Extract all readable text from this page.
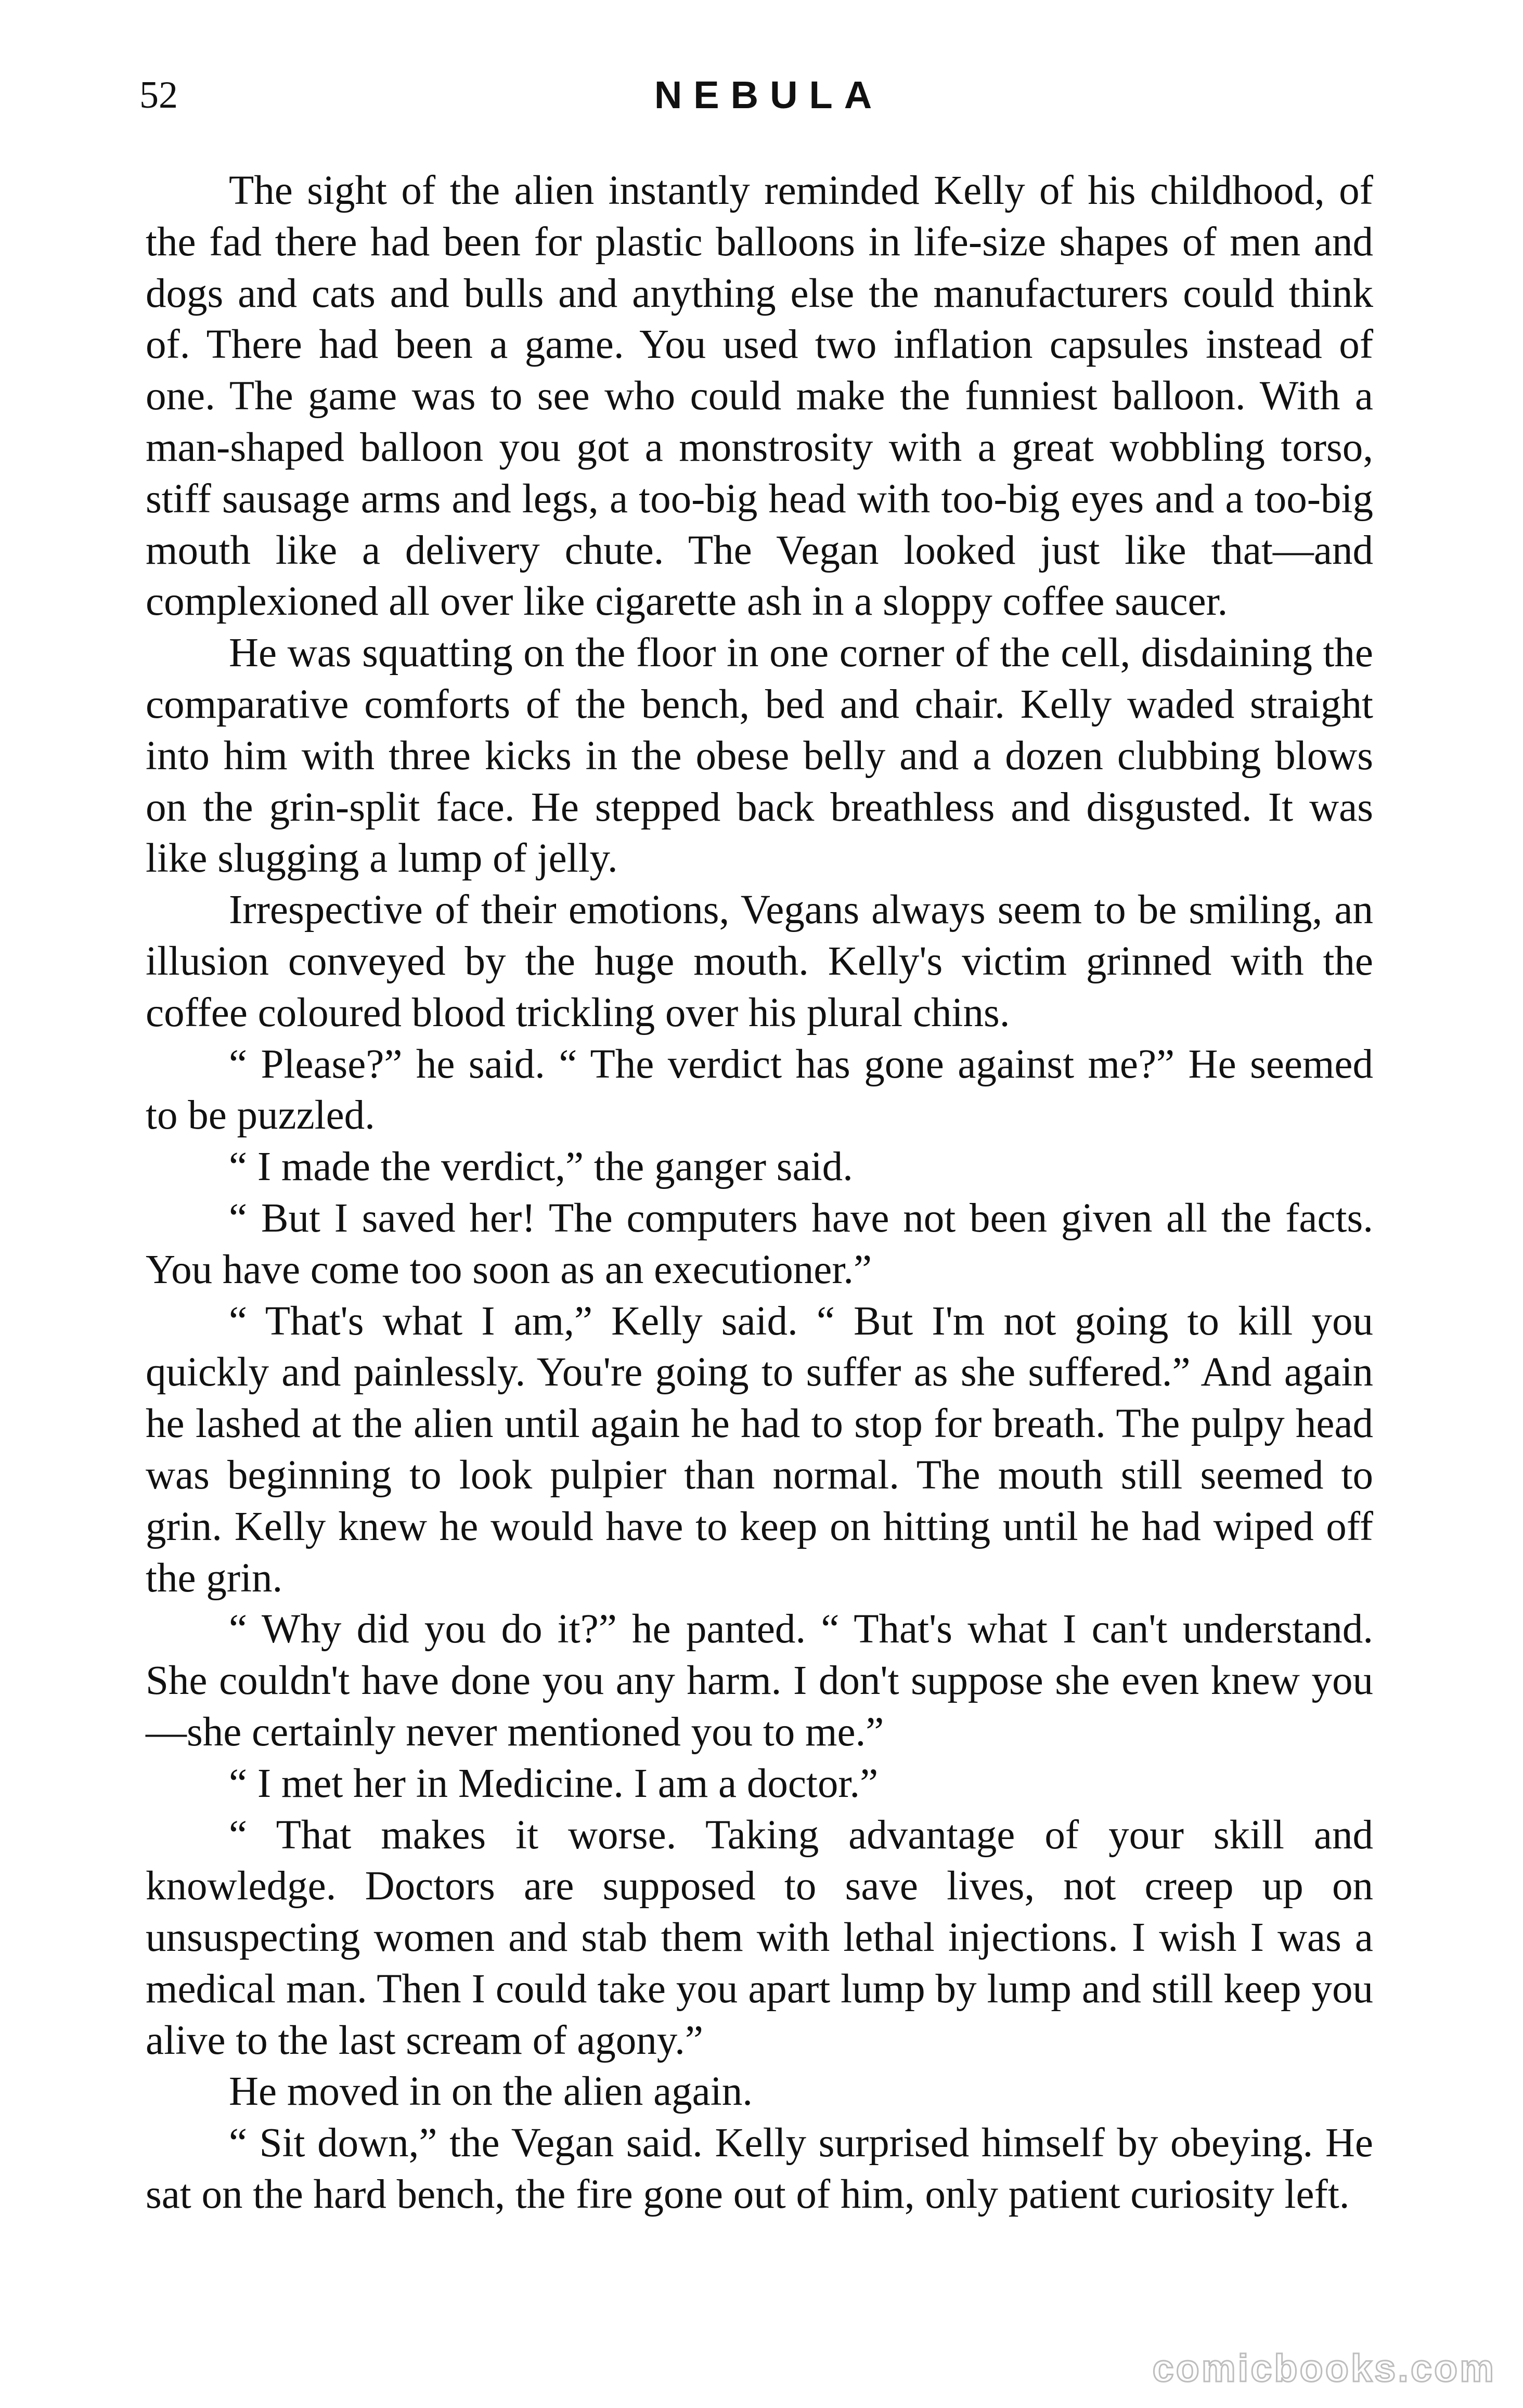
52	NEBULA

The sight of the alien instantly reminded Kelly of his childhood, of the fad there had been for plastic balloons in life-size shapes of men and dogs and cats and bulls and anything else the manufacturers could think of. There had been a game. You used two inflation capsules instead of one. The game was to see who could make the funniest balloon. With a man-shaped balloon you got a monstrosity with a great wobbling torso, stiff sausage arms and legs, a too-big head with too-big eyes and a too-big mouth like a delivery chute. The Vegan looked just like that—and complexioned all over like cigarette ash in a sloppy coffee saucer.

He was squatting on the floor in one corner of the cell, disdaining the comparative comforts of the bench, bed and chair. Kelly waded straight into him with three kicks in the obese belly and a dozen clubbing blows on the grin-split face. He stepped back breathless and disgusted. It was like slugging a lump of jelly.

Irrespective of their emotions, Vegans always seem to be smiling, an illusion conveyed by the huge mouth. Kelly's victim grinned with the coffee coloured blood trickling over his plural chins.

“ Please?” he said. “ The verdict has gone against me?” He seemed to be puzzled.

“ I made the verdict,” the ganger said.

“ But I saved her! The computers have not been given all the facts. You have come too soon as an executioner.”

“ That's what I am,” Kelly said. “ But I'm not going to kill you quickly and painlessly. You're going to suffer as she suffered.” And again he lashed at the alien until again he had to stop for breath. The pulpy head was beginning to look pulpier than normal. The mouth still seemed to grin. Kelly knew he would have to keep on hitting until he had wiped off the grin.

“ Why did you do it?” he panted. “ That's what I can't understand. She couldn't have done you any harm. I don't suppose she even knew you—she certainly never mentioned you to me.”

“ I met her in Medicine. I am a doctor.”

“ That makes it worse. Taking advantage of your skill and knowledge. Doctors are supposed to save lives, not creep up on unsuspecting women and stab them with lethal injections. I wish I was a medical man. Then I could take you apart lump by lump and still keep you alive to the last scream of agony.”

He moved in on the alien again.

“ Sit down,” the Vegan said. Kelly surprised himself by obeying. He sat on the hard bench, the fire gone out of him, only patient curiosity left.

comicbooks.com
